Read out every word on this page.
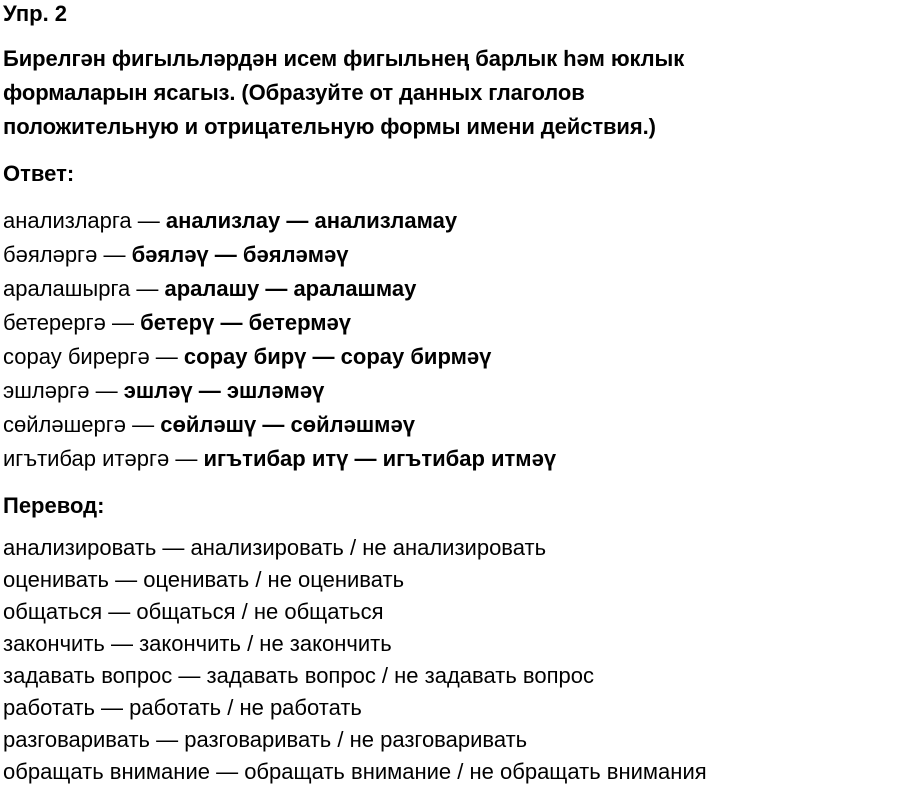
Упр. 2

Бирелгән фигыльләрдән исем фигыльнең барлык һәм юклык
формаларын ясагыз. (Образуйте от данных глаголов
положительную и отрицательную формы имени действия.)

Ответ:
анализларга — анализлау — анализламау
бәяләргә — бәяләү — бәяләмәү
аралашырга — аралашу — аралашмау
бетерергә — бетерү — бетермәү
сорау бирергә — сорау бирү — сорау бирмәү
эшләргә — эшләү — эшләмәү
сөйләшергә — сөйләшү — сөйләшмәү
игътибар итәргә — игътибар итү — игътибар итмәү
Перевод:
анализировать — анализировать / не анализировать
оценивать — оценивать / не оценивать
общаться — общаться / не общаться
закончить — закончить / не закончить
задавать вопрос — задавать вопрос / не задавать вопрос
работать — работать / не работать
разговаривать — разговаривать / не разговаривать
обращать внимание — обращать внимание / не обращать внимания
